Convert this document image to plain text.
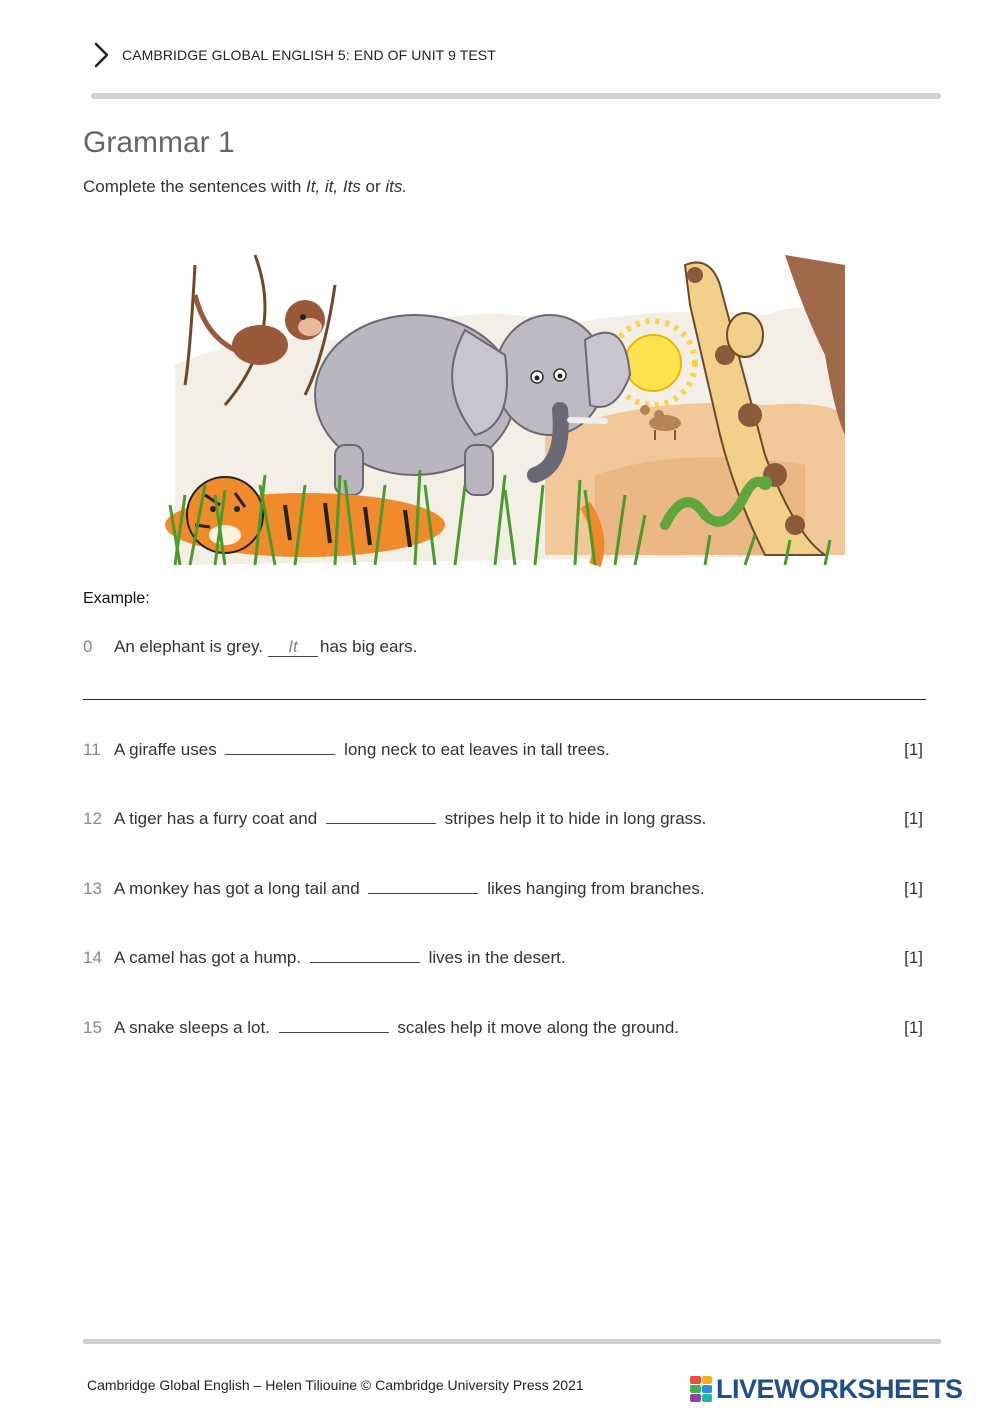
CAMBRIDGE GLOBAL ENGLISH 5: END OF UNIT 9 TEST
Grammar 1
Complete the sentences with It, it, Its or its.
Example:
0	An elephant is grey.	It	has big ears.
11 A giraffe uses	long neck to eat leaves in tall trees.	[1]
12 A tiger has a furry coat and	stripes help it to hide in long grass.	[1]
13 A monkey has got a long tail and	likes hanging from branches.	[1]
14 A camel has got a hump.	lives in the desert.	[1]
15 A snake sleeps a lot.	scales help it move along the ground.	[1]
Cambridge Global English – Helen Tiliouine © Cambridge University Press 2021	LIVEWORKSHEETS
